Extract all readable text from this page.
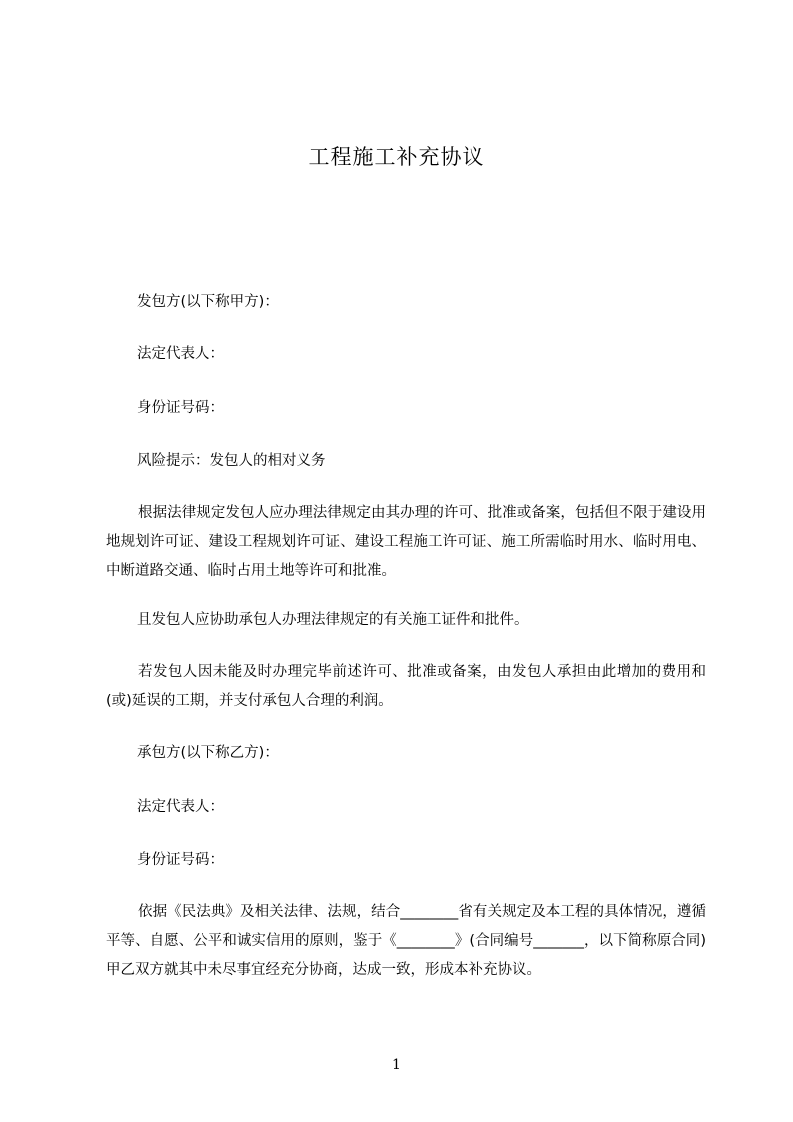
工程施工补充协议
发包方(以下称甲方)：
法定代表人：
身份证号码：
风险提示：发包人的相对义务
根据法律规定发包人应办理法律规定由其办理的许可、批准或备案，包括但不限于建设用地规划许可证、建设工程规划许可证、建设工程施工许可证、施工所需临时用水、临时用电、中断道路交通、临时占用土地等许可和批准。
且发包人应协助承包人办理法律规定的有关施工证件和批件。
若发包人因未能及时办理完毕前述许可、批准或备案，由发包人承担由此增加的费用和(或)延误的工期，并支付承包人合理的利润。
承包方(以下称乙方)：
法定代表人：
身份证号码：
依据《民法典》及相关法律、法规，结合________省有关规定及本工程的具体情况，遵循平等、自愿、公平和诚实信用的原则，鉴于《________》(合同编号_______，以下简称原合同)甲乙双方就其中未尽事宜经充分协商，达成一致，形成本补充协议。
1
